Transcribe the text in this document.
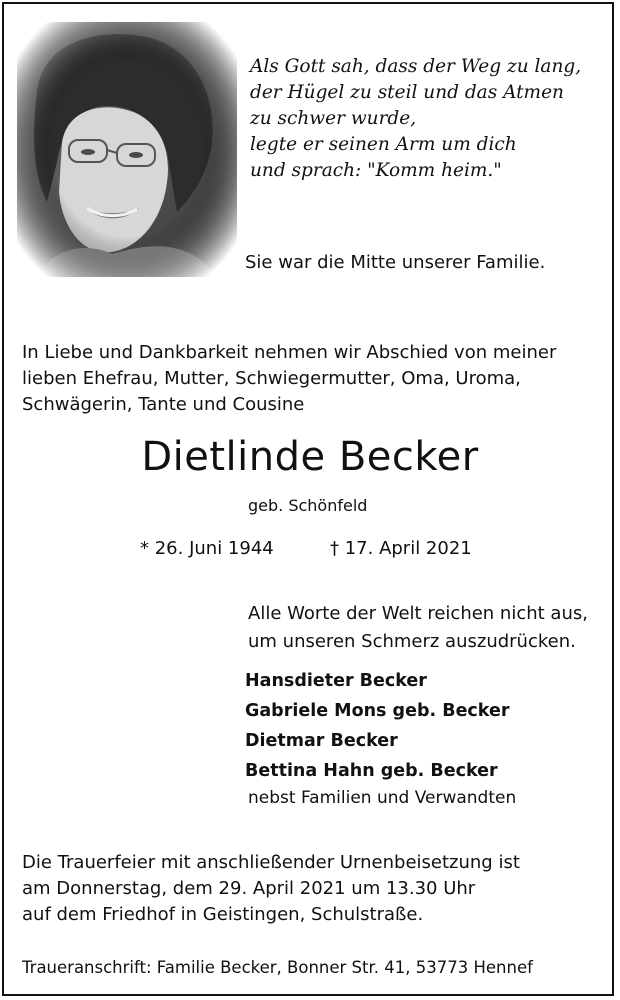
Als Gott sah, dass der Weg zu lang,
der Hügel zu steil und das Atmen
zu schwer wurde,
legte er seinen Arm um dich
und sprach: "Komm heim."
Sie war die Mitte unserer Familie.
In Liebe und Dankbarkeit nehmen wir Abschied von meiner
lieben Ehefrau, Mutter, Schwiegermutter, Oma, Uroma,
Schwägerin, Tante und Cousine
Dietlinde Becker
geb. Schönfeld
* 26. Juni 1944	† 17. April 2021
Alle Worte der Welt reichen nicht aus,
um unseren Schmerz auszudrücken.
Hansdieter Becker
Gabriele Mons geb. Becker
Dietmar Becker
Bettina Hahn geb. Becker
nebst Familien und Verwandten
Die Trauerfeier mit anschließender Urnenbeisetzung ist
am Donnerstag, dem 29. April 2021 um 13.30 Uhr
auf dem Friedhof in Geistingen, Schulstraße.
Traueranschrift: Familie Becker, Bonner Str. 41, 53773 Hennef
